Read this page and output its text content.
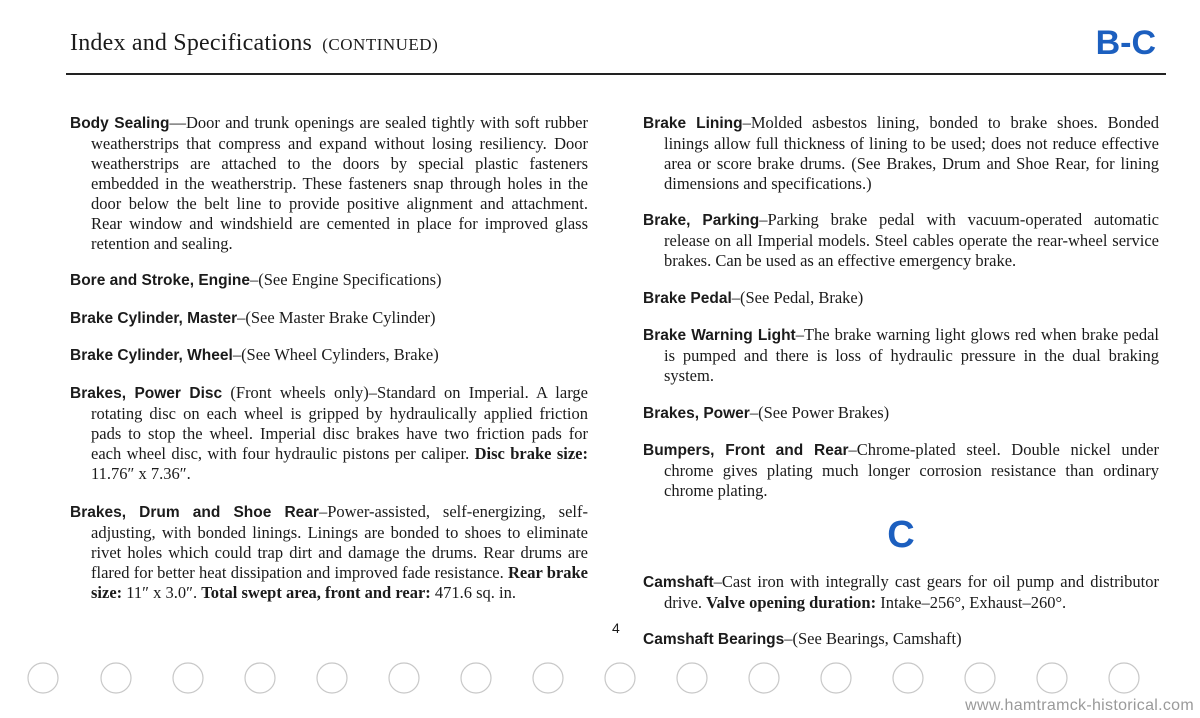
Index and Specifications (CONTINUED)	B-C

Body Sealing—Door and trunk openings are sealed tightly with soft rubber weatherstrips that compress and expand without losing resiliency. Door weatherstrips are attached to the doors by special plastic fasteners embedded in the weatherstrip. These fasteners snap through holes in the door below the belt line to provide positive alignment and attachment. Rear window and windshield are cemented in place for improved glass retention and sealing.

Bore and Stroke, Engine–(See Engine Specifications)

Brake Cylinder, Master–(See Master Brake Cylinder)

Brake Cylinder, Wheel–(See Wheel Cylinders, Brake)

Brakes, Power Disc (Front wheels only)–Standard on Imperial. A large rotating disc on each wheel is gripped by hydraulically applied friction pads to stop the wheel. Imperial disc brakes have two friction pads for each wheel disc, with four hydraulic pistons per caliper. Disc brake size: 11.76″ x 7.36″.

Brakes, Drum and Shoe Rear–Power-assisted, self-energizing, self-adjusting, with bonded linings. Linings are bonded to shoes to eliminate rivet holes which could trap dirt and damage the drums. Rear drums are flared for better heat dissipation and improved fade resistance. Rear brake size: 11″ x 3.0″. Total swept area, front and rear: 471.6 sq. in.

Brake Lining–Molded asbestos lining, bonded to brake shoes. Bonded linings allow full thickness of lining to be used; does not reduce effective area or score brake drums. (See Brakes, Drum and Shoe Rear, for lining dimensions and specifications.)

Brake, Parking–Parking brake pedal with vacuum-operated automatic release on all Imperial models. Steel cables operate the rear-wheel service brakes. Can be used as an effective emergency brake.

Brake Pedal–(See Pedal, Brake)

Brake Warning Light–The brake warning light glows red when brake pedal is pumped and there is loss of hydraulic pressure in the dual braking system.

Brakes, Power–(See Power Brakes)

Bumpers, Front and Rear–Chrome-plated steel. Double nickel under chrome gives plating much longer corrosion resistance than ordinary chrome plating.

C

Camshaft–Cast iron with integrally cast gears for oil pump and distributor drive. Valve opening duration: Intake–256°, Exhaust–260°.

Camshaft Bearings–(See Bearings, Camshaft)

4
www.hamtramck-historical.com
